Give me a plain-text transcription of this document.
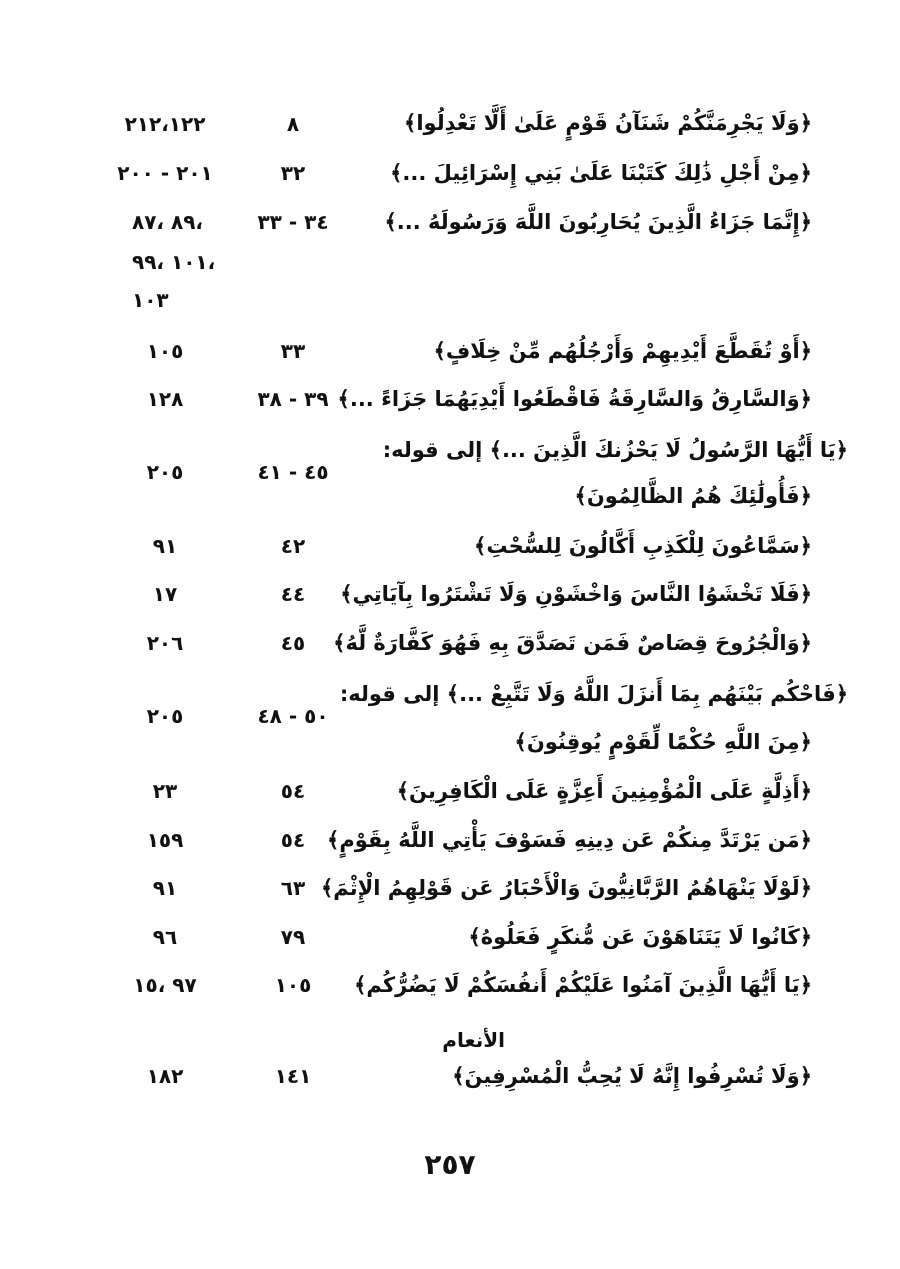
﴿وَلَا يَجْرِمَنَّكُمْ شَنَآنُ قَوْمٍ عَلَىٰ أَلَّا تَعْدِلُوا﴾
٨
٢١٢،١٢٢
﴿مِنْ أَجْلِ ذَٰلِكَ كَتَبْنَا عَلَىٰ بَنِي إِسْرَائِيلَ ...﴾
٣٢
٢٠١ - ٢٠٠
﴿إِنَّمَا جَزَاءُ الَّذِينَ يُحَارِبُونَ اللَّهَ وَرَسُولَهُ ...﴾
٣٤ - ٣٣
،٨٩ ،٨٧
،١٠١ ،٩٩
١٠٣
﴿أَوْ تُقَطَّعَ أَيْدِيهِمْ وَأَرْجُلُهُم مِّنْ خِلَافٍ﴾
٣٣
١٠٥
﴿وَالسَّارِقُ وَالسَّارِقَةُ فَاقْطَعُوا أَيْدِيَهُمَا جَزَاءً ...﴾
٣٩ - ٣٨
١٢٨
﴿يَا أَيُّهَا الرَّسُولُ لَا يَحْزُنكَ الَّذِينَ ...﴾ إلى قوله:
﴿فَأُولَٰئِكَ هُمُ الظَّالِمُونَ﴾
٤٥ - ٤١
٢٠٥
﴿سَمَّاعُونَ لِلْكَذِبِ أَكَّالُونَ لِلسُّحْتِ﴾
٤٢
٩١
﴿فَلَا تَخْشَوُا النَّاسَ وَاخْشَوْنِ وَلَا تَشْتَرُوا بِآيَاتِي﴾
٤٤
١٧
﴿وَالْجُرُوحَ قِصَاصٌ فَمَن تَصَدَّقَ بِهِ فَهُوَ كَفَّارَةٌ لَّهُ﴾
٤٥
٢٠٦
﴿فَاحْكُم بَيْنَهُم بِمَا أَنزَلَ اللَّهُ وَلَا تَتَّبِعْ ...﴾ إلى قوله:
﴿مِنَ اللَّهِ حُكْمًا لِّقَوْمٍ يُوقِنُونَ﴾
٥٠ - ٤٨
٢٠٥
﴿أَذِلَّةٍ عَلَى الْمُؤْمِنِينَ أَعِزَّةٍ عَلَى الْكَافِرِينَ﴾
٥٤
٢٣
﴿مَن يَرْتَدَّ مِنكُمْ عَن دِينِهِ فَسَوْفَ يَأْتِي اللَّهُ بِقَوْمٍ﴾
٥٤
١٥٩
﴿لَوْلَا يَنْهَاهُمُ الرَّبَّانِيُّونَ وَالْأَحْبَارُ عَن قَوْلِهِمُ الْإِثْمَ﴾
٦٣
٩١
﴿كَانُوا لَا يَتَنَاهَوْنَ عَن مُّنكَرٍ فَعَلُوهُ﴾
٧٩
٩٦
﴿يَا أَيُّهَا الَّذِينَ آمَنُوا عَلَيْكُمْ أَنفُسَكُمْ لَا يَضُرُّكُم﴾
١٠٥
٩٧ ،١٥
الأنعام
﴿وَلَا تُسْرِفُوا إِنَّهُ لَا يُحِبُّ الْمُسْرِفِينَ﴾
١٤١
١٨٢
٢٥٧
